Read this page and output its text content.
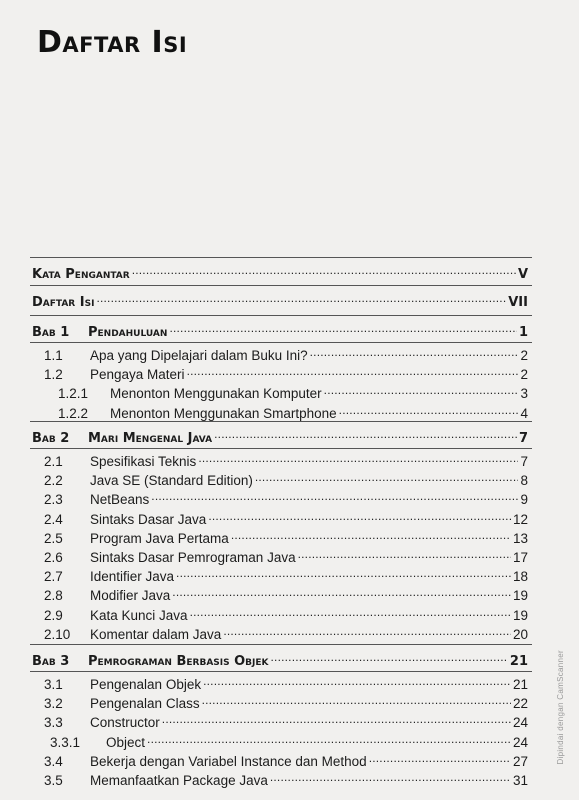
Daftar Isi
Kata Pengantar .....	V
Daftar Isi .....	VII
Bab 1	Pendahuluan .....	1
1.1	Apa yang Dipelajari dalam Buku Ini? .....	2
1.2	Pengaya Materi .....	2
1.2.1	Menonton Menggunakan Komputer .....	3
1.2.2	Menonton Menggunakan Smartphone .....	4
Bab 2	Mari Mengenal Java .....	7
2.1	Spesifikasi Teknis .....	7
2.2	Java SE (Standard Edition) .....	8
2.3	NetBeans .....	9
2.4	Sintaks Dasar Java .....	12
2.5	Program Java Pertama .....	13
2.6	Sintaks Dasar Pemrograman Java .....	17
2.7	Identifier Java .....	18
2.8	Modifier Java .....	19
2.9	Kata Kunci Java .....	19
2.10	Komentar dalam Java .....	20
Bab 3	Pemrograman Berbasis Objek .....	21
3.1	Pengenalan Objek .....	21
3.2	Pengenalan Class .....	22
3.3	Constructor .....	24
3.3.1	Object .....	24
3.4	Bekerja dengan Variabel Instance dan Method .....	27
3.5	Memanfaatkan Package Java .....	31
Dipindai dengan CamScanner
